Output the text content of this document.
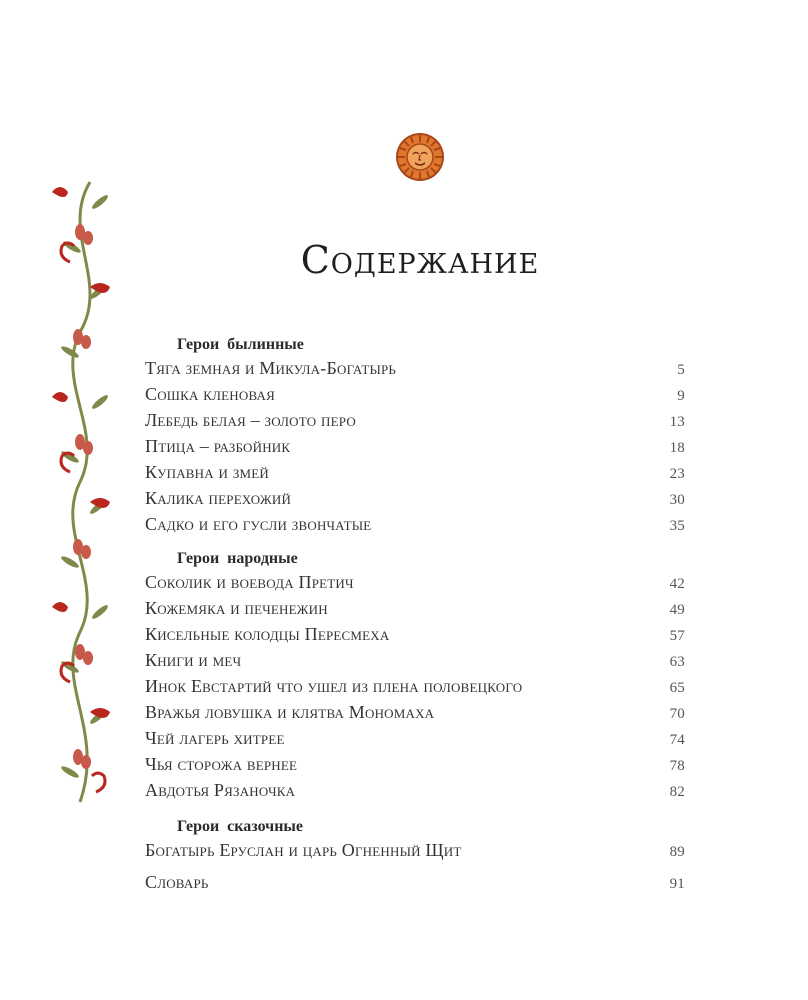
Содержание
Герои былинные
Тяга земная и Микула-Богатырь	5
Сошка кленовая	9
Лебедь белая – золото перо	13
Птица – разбойник	18
Купавна и змей	23
Калика перехожий	30
Садко и его гусли звончатые	35
Герои народные
Соколик и воевода Претич	42
Кожемяка и печенежин	49
Кисельные колодцы Пересмеха	57
Книги и меч	63
Инок Евстартий что ушел из плена половецкого	65
Вражья ловушка и клятва Мономаха	70
Чей лагерь хитрее	74
Чья сторожа вернее	78
Авдотья Рязаночка	82
Герои сказочные
Богатырь Еруслан и царь Огненный Щит	89
Словарь	91
